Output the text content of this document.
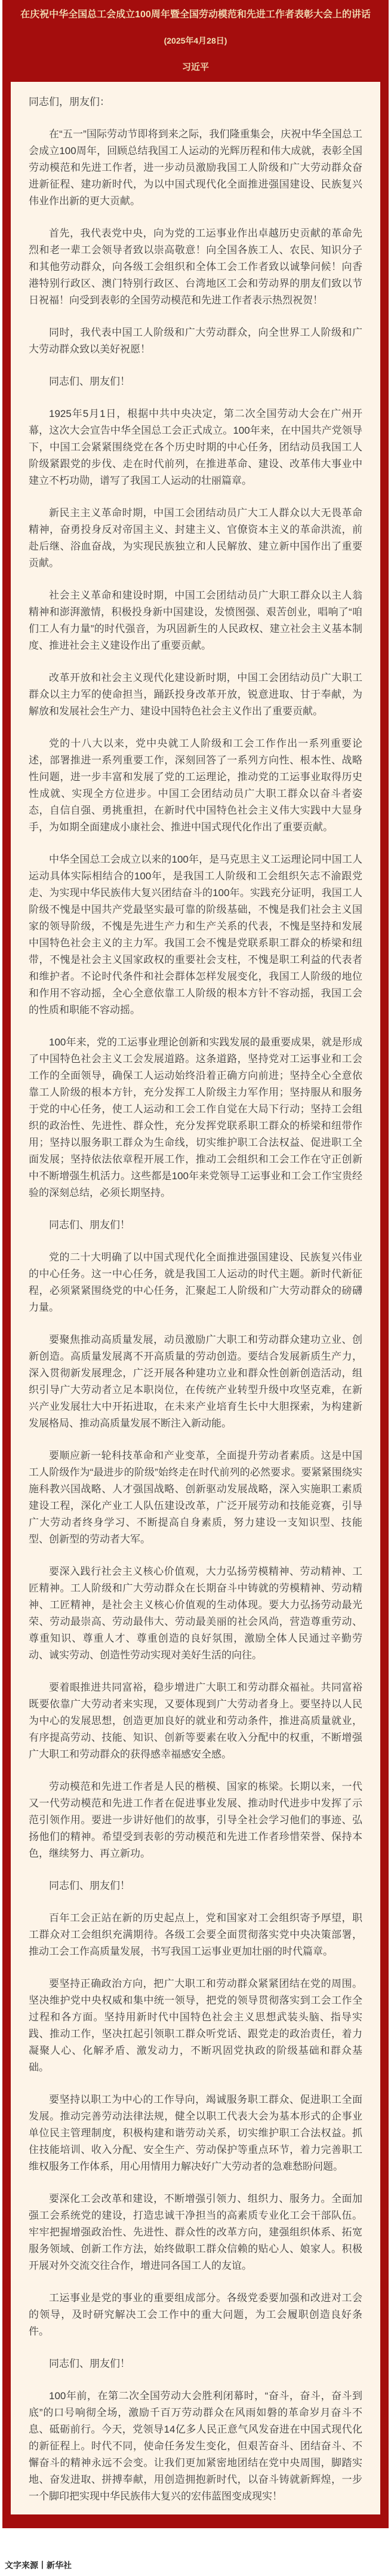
在庆祝中华全国总工会成立100周年暨全国劳动模范和先进工作者表彰大会上的讲话
(2025年4月28日)
习近平

同志们，朋友们：

在“五一”国际劳动节即将到来之际，我们隆重集会，庆祝中华全国总工会成立100周年，回顾总结我国工人运动的光辉历程和伟大成就，表彰全国劳动模范和先进工作者，进一步动员激励我国工人阶级和广大劳动群众奋进新征程、建功新时代，为以中国式现代化全面推进强国建设、民族复兴伟业作出新的更大贡献。

首先，我代表党中央，向为党的工运事业作出卓越历史贡献的革命先烈和老一辈工会领导者致以崇高敬意！向全国各族工人、农民、知识分子和其他劳动群众，向各级工会组织和全体工会工作者致以诚挚问候！向香港特别行政区、澳门特别行政区、台湾地区工会和劳动界的朋友们致以节日祝福！向受到表彰的全国劳动模范和先进工作者表示热烈祝贺！

同时，我代表中国工人阶级和广大劳动群众，向全世界工人阶级和广大劳动群众致以美好祝愿！

同志们、朋友们！

1925年5月1日，根据中共中央决定，第二次全国劳动大会在广州开幕，这次大会宣告中华全国总工会正式成立。100年来，在中国共产党领导下，中国工会紧紧围绕党在各个历史时期的中心任务，团结动员我国工人阶级紧跟党的步伐、走在时代前列，在推进革命、建设、改革伟大事业中建立不朽功勋，谱写了我国工人运动的壮丽篇章。

新民主主义革命时期，中国工会团结动员广大工人群众以大无畏革命精神，奋勇投身反对帝国主义、封建主义、官僚资本主义的革命洪流，前赴后继、浴血奋战，为实现民族独立和人民解放、建立新中国作出了重要贡献。

社会主义革命和建设时期，中国工会团结动员广大职工群众以主人翁精神和澎湃激情，积极投身新中国建设，发愤图强、艰苦创业，唱响了“咱们工人有力量”的时代强音，为巩固新生的人民政权、建立社会主义基本制度、推进社会主义建设作出了重要贡献。

改革开放和社会主义现代化建设新时期，中国工会团结动员广大职工群众以主力军的使命担当，踊跃投身改革开放，锐意进取、甘于奉献，为解放和发展社会生产力、建设中国特色社会主义作出了重要贡献。

党的十八大以来，党中央就工人阶级和工会工作作出一系列重要论述，部署推进一系列重要工作，深刻回答了一系列方向性、根本性、战略性问题，进一步丰富和发展了党的工运理论，推动党的工运事业取得历史性成就、实现全方位进步。中国工会团结动员广大职工群众以奋斗者姿态，自信自强、勇挑重担，在新时代中国特色社会主义伟大实践中大显身手，为如期全面建成小康社会、推进中国式现代化作出了重要贡献。

中华全国总工会成立以来的100年，是马克思主义工运理论同中国工人运动具体实际相结合的100年，是我国工人阶级和工会组织矢志不渝跟党走、为实现中华民族伟大复兴团结奋斗的100年。实践充分证明，我国工人阶级不愧是中国共产党最坚实最可靠的阶级基础，不愧是我们社会主义国家的领导阶级，不愧是先进生产力和生产关系的代表，不愧是坚持和发展中国特色社会主义的主力军。我国工会不愧是党联系职工群众的桥梁和纽带，不愧是社会主义国家政权的重要社会支柱，不愧是职工利益的代表者和维护者。不论时代条件和社会群体怎样发展变化，我国工人阶级的地位和作用不容动摇，全心全意依靠工人阶级的根本方针不容动摇，我国工会的性质和职能不容动摇。

100年来，党的工运事业理论创新和实践发展的最重要成果，就是形成了中国特色社会主义工会发展道路。这条道路，坚持党对工运事业和工会工作的全面领导，确保工人运动始终沿着正确方向前进；坚持全心全意依靠工人阶级的根本方针，充分发挥工人阶级主力军作用；坚持服从和服务于党的中心任务，使工人运动和工会工作自觉在大局下行动；坚持工会组织的政治性、先进性、群众性，充分发挥党联系职工群众的桥梁和纽带作用；坚持以服务职工群众为生命线，切实维护职工合法权益、促进职工全面发展；坚持依法依章程开展工作，推动工会组织和工会工作在守正创新中不断增强生机活力。这些都是100年来党领导工运事业和工会工作宝贵经验的深刻总结，必须长期坚持。

同志们、朋友们！

党的二十大明确了以中国式现代化全面推进强国建设、民族复兴伟业的中心任务。这一中心任务，就是我国工人运动的时代主题。新时代新征程，必须紧紧围绕党的中心任务，汇聚起工人阶级和广大劳动群众的磅礴力量。

要聚焦推动高质量发展，动员激励广大职工和劳动群众建功立业、创新创造。高质量发展离不开高质量的劳动创造。要结合发展新质生产力，深入贯彻新发展理念，广泛开展各种建功立业和群众性创新创造活动，组织引导广大劳动者立足本职岗位，在传统产业转型升级中攻坚克难，在新兴产业发展壮大中开拓进取，在未来产业培育生长中大胆探索，为构建新发展格局、推动高质量发展不断注入新动能。

要顺应新一轮科技革命和产业变革，全面提升劳动者素质。这是中国工人阶级作为“最进步的阶级”始终走在时代前列的必然要求。要紧紧围绕实施科教兴国战略、人才强国战略、创新驱动发展战略，深入实施职工素质建设工程，深化产业工人队伍建设改革，广泛开展劳动和技能竞赛，引导广大劳动者终身学习、不断提高自身素质，努力建设一支知识型、技能型、创新型的劳动者大军。

要深入践行社会主义核心价值观，大力弘扬劳模精神、劳动精神、工匠精神。工人阶级和广大劳动群众在长期奋斗中铸就的劳模精神、劳动精神、工匠精神，是社会主义核心价值观的生动体现。要大力弘扬劳动最光荣、劳动最崇高、劳动最伟大、劳动最美丽的社会风尚，营造尊重劳动、尊重知识、尊重人才、尊重创造的良好氛围，激励全体人民通过辛勤劳动、诚实劳动、创造性劳动实现对美好生活的向往。

要着眼推进共同富裕，稳步增进广大职工和劳动群众福祉。共同富裕既要依靠广大劳动者来实现，又要体现到广大劳动者身上。要坚持以人民为中心的发展思想，创造更加良好的就业和劳动条件，推进高质量就业，有序提高劳动、技能、知识、创新等要素在收入分配中的权重，不断增强广大职工和劳动群众的获得感幸福感安全感。

劳动模范和先进工作者是人民的楷模、国家的栋梁。长期以来，一代又一代劳动模范和先进工作者在促进事业发展、推动时代进步中发挥了示范引领作用。要进一步讲好他们的故事，引导全社会学习他们的事迹、弘扬他们的精神。希望受到表彰的劳动模范和先进工作者珍惜荣誉、保持本色，继续努力、再立新功。

同志们、朋友们！

百年工会正站在新的历史起点上，党和国家对工会组织寄予厚望，职工群众对工会组织充满期待。各级工会要全面贯彻落实党中央决策部署，推动工会工作高质量发展，书写我国工运事业更加壮丽的时代篇章。

要坚持正确政治方向，把广大职工和劳动群众紧紧团结在党的周围。坚决维护党中央权威和集中统一领导，把党的领导贯彻落实到工会工作全过程和各方面。坚持用新时代中国特色社会主义思想武装头脑、指导实践、推动工作，坚决扛起引领职工群众听党话、跟党走的政治责任，着力凝聚人心、化解矛盾、激发动力，不断巩固党执政的阶级基础和群众基础。

要坚持以职工为中心的工作导向，竭诚服务职工群众、促进职工全面发展。推动完善劳动法律法规，健全以职工代表大会为基本形式的企事业单位民主管理制度，积极构建和谐劳动关系，切实维护职工合法权益。抓住技能培训、收入分配、安全生产、劳动保护等重点环节，着力完善职工维权服务工作体系，用心用情用力解决好广大劳动者的急难愁盼问题。

要深化工会改革和建设，不断增强引领力、组织力、服务力。全面加强工会系统党的建设，打造忠诚干净担当的高素质专业化工会干部队伍。牢牢把握增强政治性、先进性、群众性的改革方向，建强组织体系、拓宽服务领域、创新工作方法，始终做职工群众信赖的贴心人、娘家人。积极开展对外交流交往合作，增进同各国工人的友谊。

工运事业是党的事业的重要组成部分。各级党委要加强和改进对工会的领导，及时研究解决工会工作中的重大问题，为工会履职创造良好条件。

同志们、朋友们！

100年前，在第二次全国劳动大会胜利闭幕时，“奋斗，奋斗，奋斗到底”的口号响彻全场，激励千百万劳动群众在风雨如磐的革命岁月奋斗不息、砥砺前行。今天，党领导14亿多人民正意气风发奋进在中国式现代化的新征程上。时代不同，使命任务发生变化，但艰苦奋斗、团结奋斗、不懈奋斗的精神永远不会变。让我们更加紧密地团结在党中央周围，脚踏实地、奋发进取、拼搏奉献，用创造拥抱新时代，以奋斗铸就新辉煌，一步一个脚印把实现中华民族伟大复兴的宏伟蓝图变成现实！

文字来源丨新华社
